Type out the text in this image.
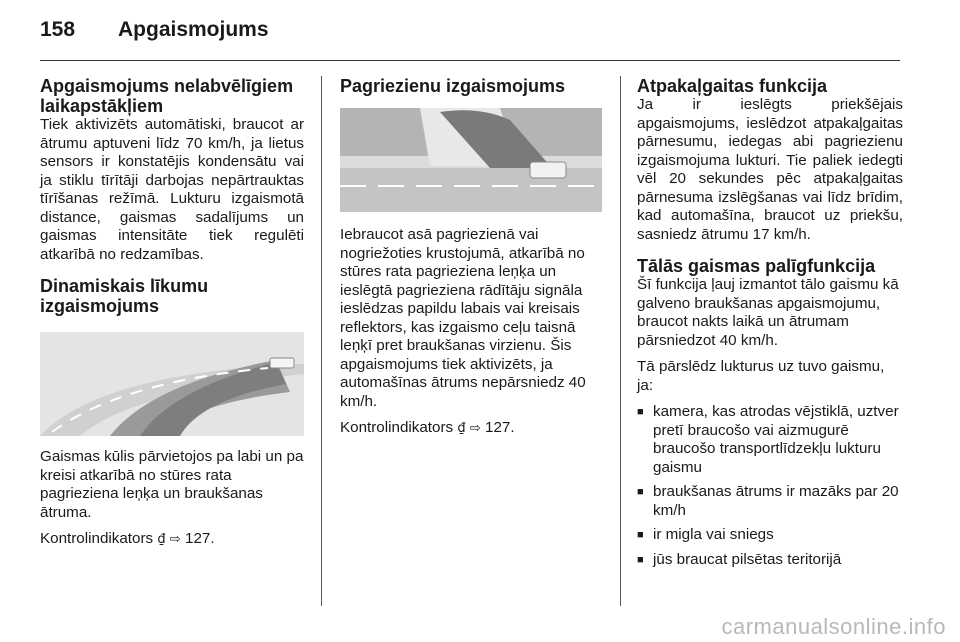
158 Apgaismojums
Apgaismojums nelabvēlīgiem laikapstākļiem

Tiek aktivizēts automātiski, braucot ar ātrumu aptuveni līdz 70 km/h, ja lietus sensors ir konstatējis kondensātu vai ja stiklu tīrītāji darbojas nepārtrauktas tīrīšanas režīmā. Lukturu izgaismotā distance, gaismas sadalījums un gaismas intensitāte tiek regulēti atkarībā no redzamības.

Dinamiskais līkumu izgaismojums

Gaismas kūlis pārvietojos pa labi un pa kreisi atkarībā no stūres rata pagrieziena leņķa un braukšanas ātruma.

Kontrolindikators ₫ ⇨ 127.

Pagriezienu izgaismojums

Iebraucot asā pagriezienā vai nogriežoties krustojumā, atkarībā no stūres rata pagrieziena leņķa un ieslēgtā pagrieziena rādītāju signāla ieslēdzas papildu labais vai kreisais reflektors, kas izgaismo ceļu taisnā leņķī pret braukšanas virzienu. Šis apgaismojums tiek aktivizēts, ja automašīnas ātrums nepārsniedz 40 km/h.

Kontrolindikators ₫ ⇨ 127.

Atpakaļgaitas funkcija

Ja ir ieslēgts priekšējais apgaismojums, ieslēdzot atpakaļgaitas pārnesumu, iedegas abi pagriezienu izgaismojuma lukturi. Tie paliek iedegti vēl 20 sekundes pēc atpakaļgaitas pārnesuma izslēgšanas vai līdz brīdim, kad automašīna, braucot uz priekšu, sasniedz ātrumu 17 km/h.

Tālās gaismas palīgfunkcija

Šī funkcija ļauj izmantot tālo gaismu kā galveno braukšanas apgaismojumu, braucot nakts laikā un ātrumam pārsniedzot 40 km/h.

Tā pārslēdz lukturus uz tuvo gaismu, ja:

■ kamera, kas atrodas vējstiklā, uztver pretī braucošo vai aizmugurē braucošo transportlīdzekļu lukturu gaismu
■ braukšanas ātrums ir mazāks par 20 km/h
■ ir migla vai sniegs
■ jūs braucat pilsētas teritorijā
carmanualsonline.info
